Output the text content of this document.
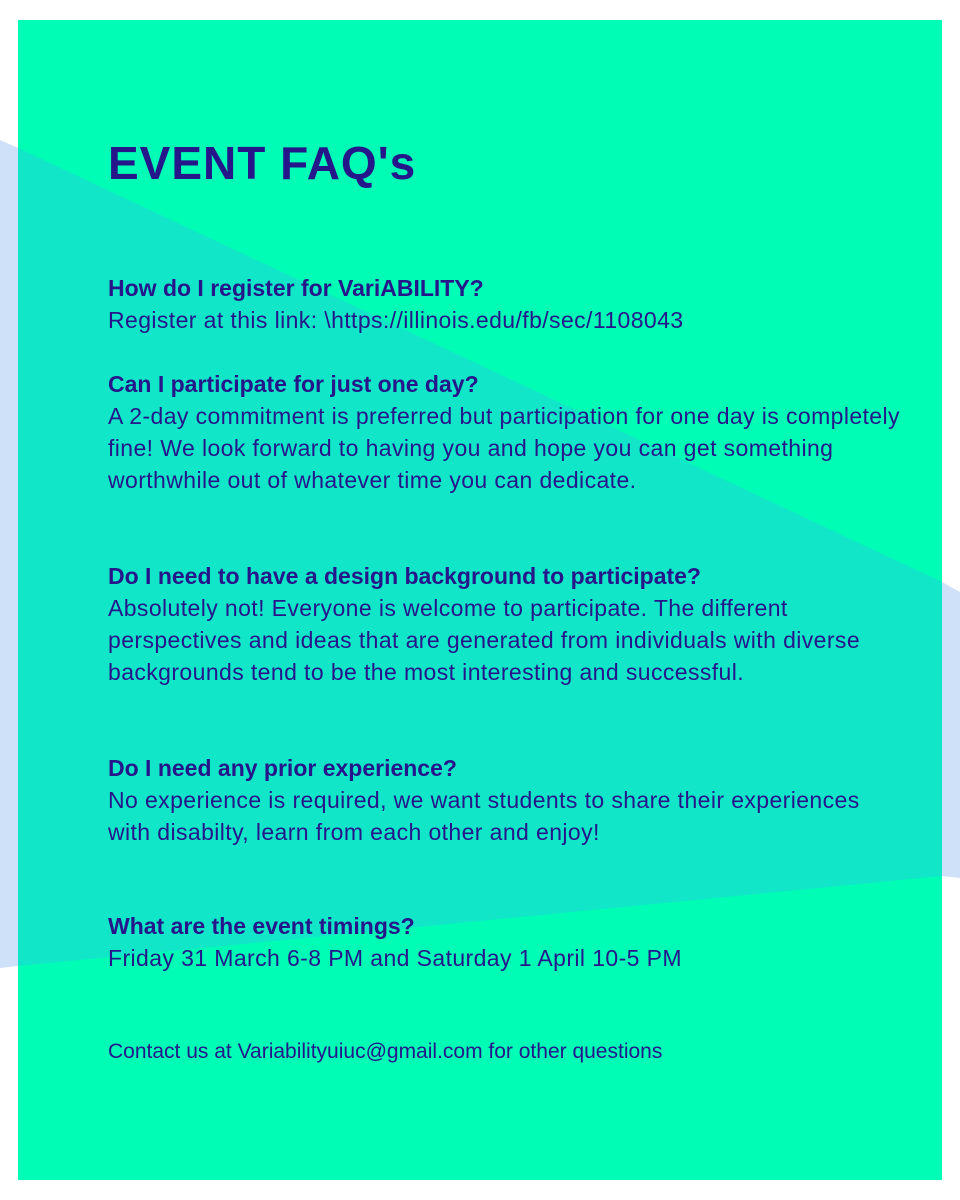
EVENT FAQ's
How do I register for VariABILITY?
Register at this link: \https://illinois.edu/fb/sec/1108043
Can I participate for just one day?
A 2-day commitment is preferred but participation for one day is completely fine! We look forward to having you and hope you can get something worthwhile out of whatever time you can dedicate.
Do I need to have a design background to participate?
Absolutely not! Everyone is welcome to participate. The different perspectives and ideas that are generated from individuals with diverse backgrounds tend to be the most interesting and successful.
Do I need any prior experience?
No experience is required, we want students to share their experiences with disabilty, learn from each other and enjoy!
What are the event timings?
Friday 31 March 6-8 PM and Saturday 1 April 10-5 PM
Contact us at Variabilityuiuc@gmail.com for other questions
